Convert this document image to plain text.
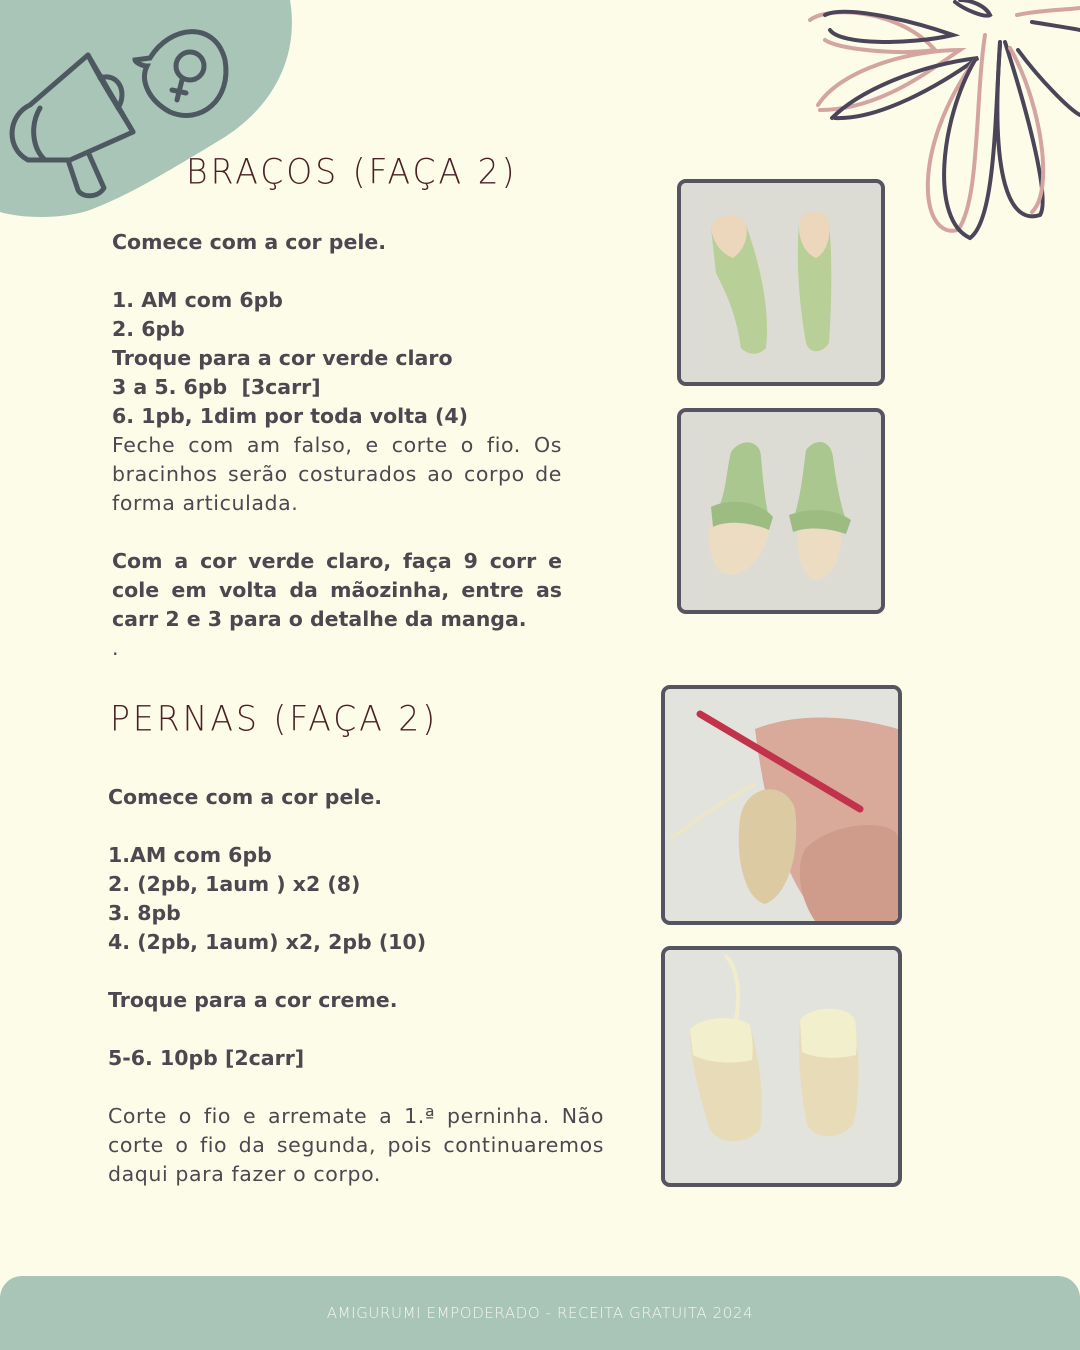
BRAÇOS (FAÇA 2)
Comece com a cor pele.
1. AM com 6pb
2. 6pb
Troque para a cor verde claro
3 a 5. 6pb  [3carr]
6. 1pb, 1dim por toda volta (4)
Feche com am falso, e corte o fio. Os bracinhos serão costurados ao corpo de forma articulada.
Com a cor verde claro, faça 9 corr e cole em volta da mãozinha, entre as carr 2 e 3 para o detalhe da manga.
.
PERNAS (FAÇA 2)
Comece com a cor pele.
1.AM com 6pb
2. (2pb, 1aum ) x2 (8)
3. 8pb
4. (2pb, 1aum) x2, 2pb (10)
Troque para a cor creme.
5-6. 10pb [2carr]
Corte o fio e arremate a 1.ª perninha. Não corte o fio da segunda, pois continuaremos daqui para fazer o corpo.
AMIGURUMI EMPODERADO - RECEITA GRATUITA 2024
